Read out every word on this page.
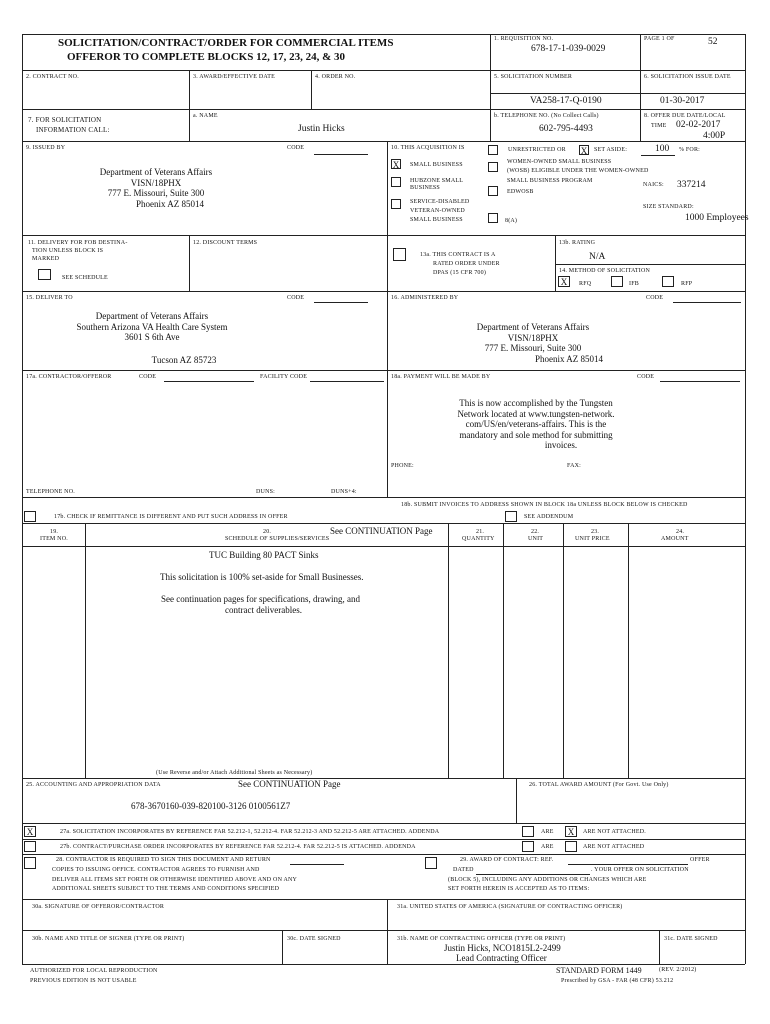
SOLICITATION/CONTRACT/ORDER FOR COMMERCIAL ITEMS
OFFEROR TO COMPLETE BLOCKS 12, 17, 23, 24, & 30
1. REQUISITION NO.
678-17-1-039-0029
PAGE 1 OF	52
2. CONTRACT NO.	3. AWARD/EFFECTIVE DATE	4. ORDER NO.	5. SOLICITATION NUMBER
VA258-17-Q-0190
6. SOLICITATION ISSUE DATE
01-30-2017
7. FOR SOLICITATION
INFORMATION CALL:
a. NAME
Justin Hicks
b. TELEPHONE NO. (No Collect Calls)
602-795-4493
8. OFFER DUE DATE/LOCAL
TIME 02-02-2017
4:00P
9. ISSUED BY	CODE
Department of Veterans Affairs
VISN/18PHX
777 E. Missouri, Suite 300
Phoenix AZ 85014
10. THIS ACQUISITION IS	UNRESTRICTED OR X SET ASIDE:	100 % FOR:
X SMALL BUSINESS
HUBZONE SMALL
BUSINESS
SERVICE-DISABLED
VETERAN-OWNED
SMALL BUSINESS
WOMEN-OWNED SMALL BUSINESS
(WOSB) ELIGIBLE UNDER THE WOMEN-OWNED
SMALL BUSINESS PROGRAM
EDWOSB
8(A)
NAICS: 337214
SIZE STANDARD:
1000 Employees
11. DELIVERY FOR FOB DESTINA-
TION UNLESS BLOCK IS
MARKED
SEE SCHEDULE
12. DISCOUNT TERMS
13a. THIS CONTRACT IS A
RATED ORDER UNDER
DPAS (15 CFR 700)
13b. RATING
N/A
14. METHOD OF SOLICITATION
X	RFQ	IFB	RFP
15. DELIVER TO	CODE
Department of Veterans Affairs
Southern Arizona VA Health Care System
3601 S 6th Ave
Tucson AZ 85723
16. ADMINISTERED BY	CODE
Department of Veterans Affairs
VISN/18PHX
777 E. Missouri, Suite 300
Phoenix AZ 85014
17a. CONTRACTOR/OFFEROR	CODE	FACILITY CODE
TELEPHONE NO.	DUNS:	DUNS+4:
17b. CHECK IF REMITTANCE IS DIFFERENT AND PUT SUCH ADDRESS IN OFFER
18a. PAYMENT WILL BE MADE BY	CODE
This is now accomplished by the Tungsten
Network located at www.tungsten-network.
com/US/en/veterans-affairs. This is the
mandatory and sole method for submitting
invoices.
PHONE:	FAX:
18b. SUBMIT INVOICES TO ADDRESS SHOWN IN BLOCK 18a UNLESS BLOCK BELOW IS CHECKED
SEE ADDENDUM
19.
ITEM NO.
20.
SCHEDULE OF SUPPLIES/SERVICES
See CONTINUATION Page	21.
QUANTITY
22.
UNIT
23.
UNIT PRICE
24.
AMOUNT
TUC Building 80 PACT Sinks
This solicitation is 100% set-aside for Small Businesses.
See continuation pages for specifications, drawing, and
contract deliverables.
(Use Reverse and/or Attach Additional Sheets as Necessary)
25. ACCOUNTING AND APPROPRIATION DATA	See CONTINUATION Page
678-3670160-039-820100-3126 0100561Z7
26. TOTAL AWARD AMOUNT (For Govt. Use Only)
X	27a. SOLICITATION INCORPORATES BY REFERENCE FAR 52.212-1, 52.212-4. FAR 52.212-3 AND 52.212-5 ARE ATTACHED. ADDENDA	ARE	X	ARE NOT ATTACHED.
27b. CONTRACT/PURCHASE ORDER INCORPORATES BY REFERENCE FAR 52.212-4. FAR 52.212-5 IS ATTACHED. ADDENDA	ARE	ARE NOT ATTACHED
28. CONTRACTOR IS REQUIRED TO SIGN THIS DOCUMENT AND RETURN
COPIES TO ISSUING OFFICE. CONTRACTOR AGREES TO FURNISH AND
DELIVER ALL ITEMS SET FORTH OR OTHERWISE IDENTIFIED ABOVE AND ON ANY
ADDITIONAL SHEETS SUBJECT TO THE TERMS AND CONDITIONS SPECIFIED
29. AWARD OF CONTRACT: REF.	OFFER
DATED	. YOUR OFFER ON SOLICITATION
(BLOCK 5), INCLUDING ANY ADDITIONS OR CHANGES WHICH ARE
SET FORTH HEREIN IS ACCEPTED AS TO ITEMS:
30a. SIGNATURE OF OFFEROR/CONTRACTOR	31a. UNITED STATES OF AMERICA (SIGNATURE OF CONTRACTING OFFICER)
30b. NAME AND TITLE OF SIGNER (TYPE OR PRINT)	30c. DATE SIGNED	31b. NAME OF CONTRACTING OFFICER (TYPE OR PRINT)
Justin Hicks, NCO1815L2-2499
Lead Contracting Officer
31c. DATE SIGNED
AUTHORIZED FOR LOCAL REPRODUCTION
PREVIOUS EDITION IS NOT USABLE
STANDARD FORM 1449	(REV. 2/2012)
Prescribed by GSA - FAR (48 CFR) 53.212
